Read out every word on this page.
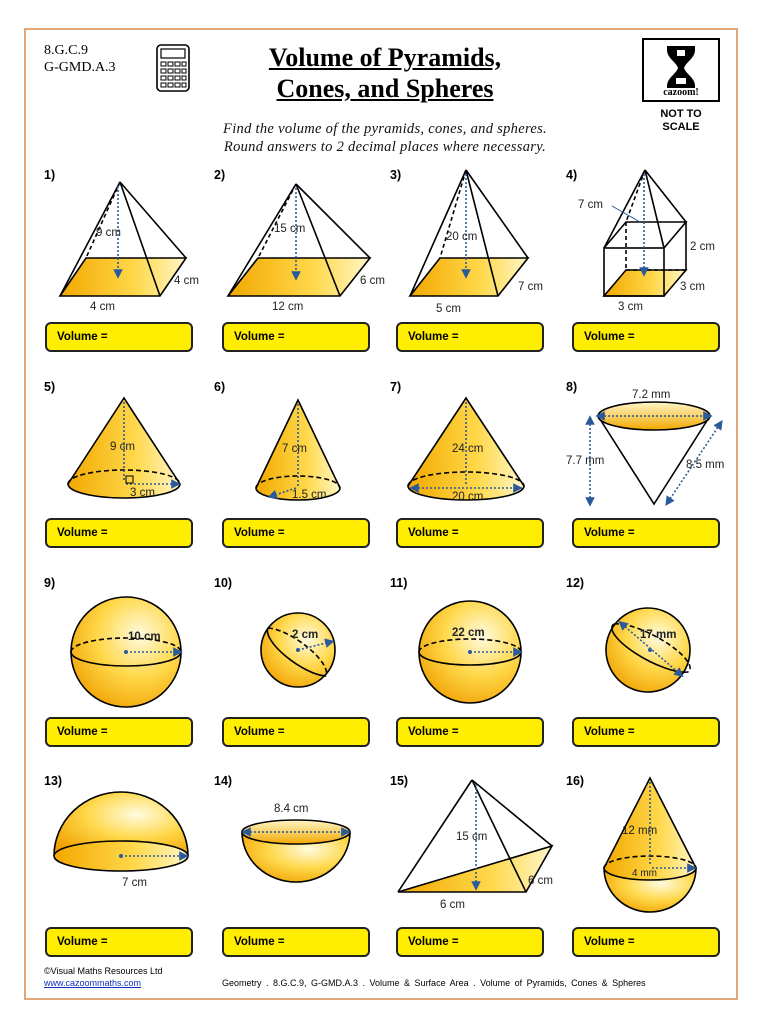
8.G.C.9
G-GMD.A.3	Volume of Pyramids,
Cones, and Spheres	cazoom!
NOT TO
SCALE
Find the volume of the pyramids, cones, and spheres.
Round answers to 2 decimal places where necessary.
1)	2)	3)	4)
5)	6)	7)	8)
9)	10)	11)	12)
13)	14)	15)	16)
9 cm
4 cm
4 cm
15 cm
6 cm
12 cm
20 cm
7 cm
5 cm
7 cm
2 cm
3 cm
3 cm
9 cm
3 cm
7 cm
1.5 cm
24 cm
20 cm
7.2 mm
7.7 mm	8.5 mm
10 cm	2 cm	22 cm	17 mm
7 cm
8.4 cm
15 cm
6 cm
6 cm
12 mm
4 mm
Volume =	Volume =	Volume =	Volume =
Volume =	Volume =	Volume =	Volume =
Volume =	Volume =	Volume =	Volume =
Volume =	Volume =	Volume =	Volume =
©Visual Maths Resources Ltd
www.cazoommaths.com	Geometry . 8.G.C.9, G-GMD.A.3 . Volume & Surface Area . Volume of Pyramids, Cones & Spheres
